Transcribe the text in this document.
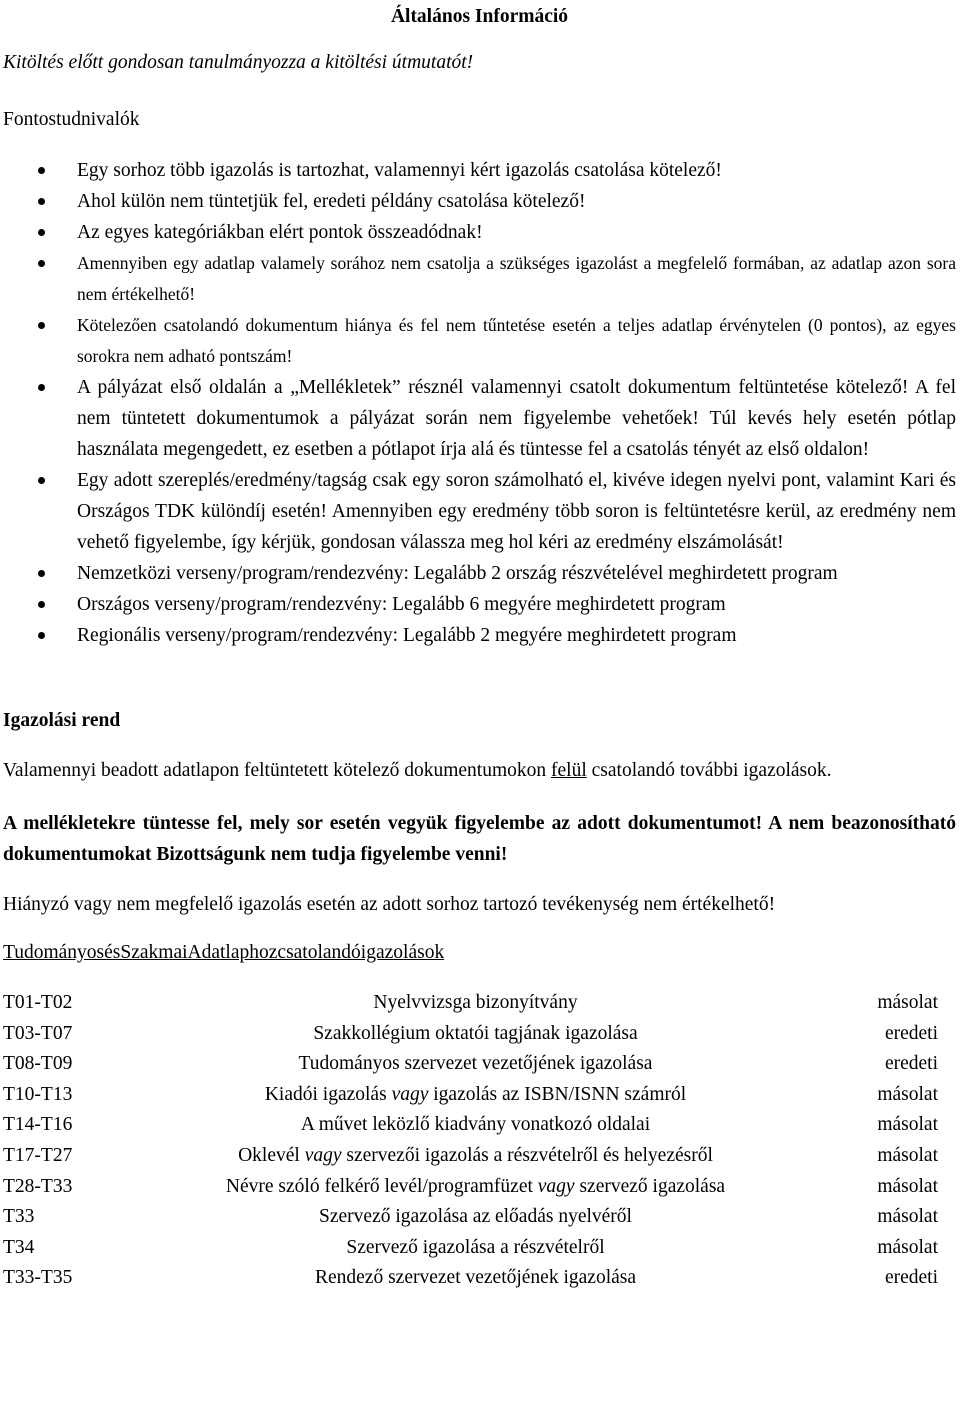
Általános Információ
Kitöltés előtt gondosan tanulmányozza a kitöltési útmutatót!
Fontostudnivalók
Egy sorhoz több igazolás is tartozhat, valamennyi kért igazolás csatolása kötelező!
Ahol külön nem tüntetjük fel, eredeti példány csatolása kötelező!
Az egyes kategóriákban elért pontok összeadódnak!
Amennyiben egy adatlap valamely sorához nem csatolja a szükséges igazolást a megfelelő formában, az adatlap azon sora nem értékelhető!
Kötelezően csatolandó dokumentum hiánya és fel nem tűntetése esetén a teljes adatlap érvénytelen (0 pontos), az egyes sorokra nem adható pontszám!
A pályázat első oldalán a „Mellékletek” résznél valamennyi csatolt dokumentum feltüntetése kötelező! A fel nem tüntetett dokumentumok a pályázat során nem figyelembe vehetőek! Túl kevés hely esetén pótlap használata megengedett, ez esetben a pótlapot írja alá és tüntesse fel a csatolás tényét az első oldalon!
Egy adott szereplés/eredmény/tagság csak egy soron számolható el, kivéve idegen nyelvi pont, valamint Kari és Országos TDK különdíj esetén! Amennyiben egy eredmény több soron is feltüntetésre kerül, az eredmény nem vehető figyelembe, így kérjük, gondosan válassza meg hol kéri az eredmény elszámolását!
Nemzetközi verseny/program/rendezvény: Legalább 2 ország részvételével meghirdetett program
Országos verseny/program/rendezvény: Legalább 6 megyére meghirdetett program
Regionális verseny/program/rendezvény: Legalább 2 megyére meghirdetett program
Igazolási rend
Valamennyi beadott adatlapon feltüntetett kötelező dokumentumokon felül csatolandó további igazolások.
A mellékletekre tüntesse fel, mely sor esetén vegyük figyelembe az adott dokumentumot! A nem beazonosítható dokumentumokat Bizottságunk nem tudja figyelembe venni!
Hiányzó vagy nem megfelelő igazolás esetén az adott sorhoz tartozó tevékenység nem értékelhető!
TudományosésSzakmaiAdatlaphozcsatolandóigazolások
T01-T02	Nyelvvizsga bizonyítvány	másolat
T03-T07	Szakkollégium oktatói tagjának igazolása	eredeti
T08-T09	Tudományos szervezet vezetőjének igazolása	eredeti
T10-T13	Kiadói igazolás vagy igazolás az ISBN/ISNN számról	másolat
T14-T16	A művet leközlő kiadvány vonatkozó oldalai	másolat
T17-T27	Oklevél vagy szervezői igazolás a részvételről és helyezésről	másolat
T28-T33	Névre szóló felkérő levél/programfüzet vagy szervező igazolása	másolat
T33	Szervező igazolása az előadás nyelvéről	másolat
T34	Szervező igazolása a részvételről	másolat
T33-T35	Rendező szervezet vezetőjének igazolása	eredeti
